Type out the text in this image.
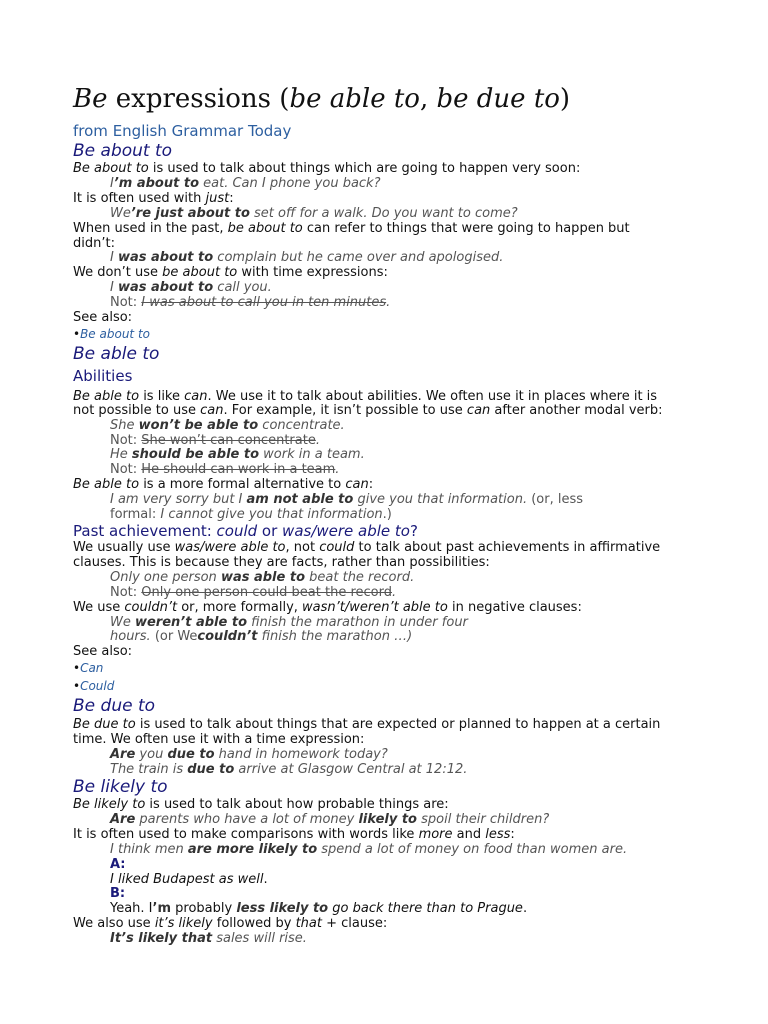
Be expressions (be able to, be due to)
from English Grammar Today
Be about to
Be about to is used to talk about things which are going to happen very soon:
I’m about to eat. Can I phone you back?
It is often used with just:
We’re just about to set off for a walk. Do you want to come?
When used in the past, be about to can refer to things that were going to happen but
didn’t:
I was about to complain but he came over and apologised.
We don’t use be about to with time expressions:
I was about to call you.
Not: I was about to call you in ten minutes.
See also:
•Be about to
Be able to
Abilities
Be able to is like can. We use it to talk about abilities. We often use it in places where it is
not possible to use can. For example, it isn’t possible to use can after another modal verb:
She won’t be able to concentrate.
Not: She won’t can concentrate.
He should be able to work in a team.
Not: He should can work in a team.
Be able to is a more formal alternative to can:
I am very sorry but I am not able to give you that information. (or, less
formal: I cannot give you that information.)
Past achievement: could or was/were able to?
We usually use was/were able to, not could to talk about past achievements in affirmative
clauses. This is because they are facts, rather than possibilities:
Only one person was able to beat the record.
Not: Only one person could beat the record.
We use couldn’t or, more formally, wasn’t/weren’t able to in negative clauses:
We weren’t able to finish the marathon in under four
hours. (or Wecouldn’t finish the marathon …)
See also:
•Can
•Could
Be due to
Be due to is used to talk about things that are expected or planned to happen at a certain
time. We often use it with a time expression:
Are you due to hand in homework today?
The train is due to arrive at Glasgow Central at 12:12.
Be likely to
Be likely to is used to talk about how probable things are:
Are parents who have a lot of money likely to spoil their children?
It is often used to make comparisons with words like more and less:
I think men are more likely to spend a lot of money on food than women are.
A:
I liked Budapest as well.
B:
Yeah. I’m probably less likely to go back there than to Prague.
We also use it’s likely followed by that + clause:
It’s likely that sales will rise.
